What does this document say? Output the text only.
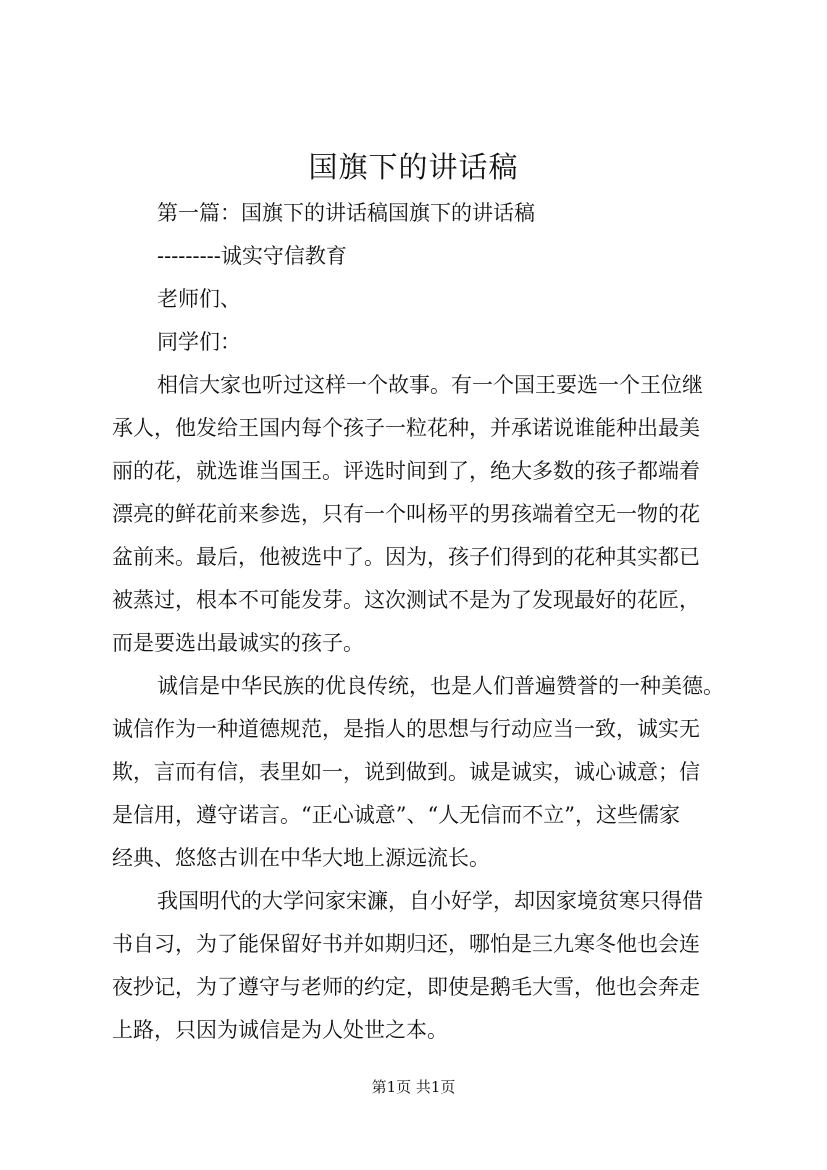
国旗下的讲话稿
第一篇：国旗下的讲话稿国旗下的讲话稿
---------诚实守信教育
老师们、
同学们：
相信大家也听过这样一个故事。有一个国王要选一个王位继
承人，他发给王国内每个孩子一粒花种，并承诺说谁能种出最美
丽的花，就选谁当国王。评选时间到了，绝大多数的孩子都端着
漂亮的鲜花前来参选，只有一个叫杨平的男孩端着空无一物的花
盆前来。最后，他被选中了。因为，孩子们得到的花种其实都已
被蒸过，根本不可能发芽。这次测试不是为了发现最好的花匠，
而是要选出最诚实的孩子。
诚信是中华民族的优良传统，也是人们普遍赞誉的一种美德。
诚信作为一种道德规范，是指人的思想与行动应当一致，诚实无
欺，言而有信，表里如一，说到做到。诚是诚实，诚心诚意；信
是信用，遵守诺言。“正心诚意”、“人无信而不立”，这些儒家
经典、悠悠古训在中华大地上源远流长。
我国明代的大学问家宋濂，自小好学，却因家境贫寒只得借
书自习，为了能保留好书并如期归还，哪怕是三九寒冬他也会连
夜抄记，为了遵守与老师的约定，即使是鹅毛大雪，他也会奔走
上路，只因为诚信是为人处世之本。
第1页 共1页
